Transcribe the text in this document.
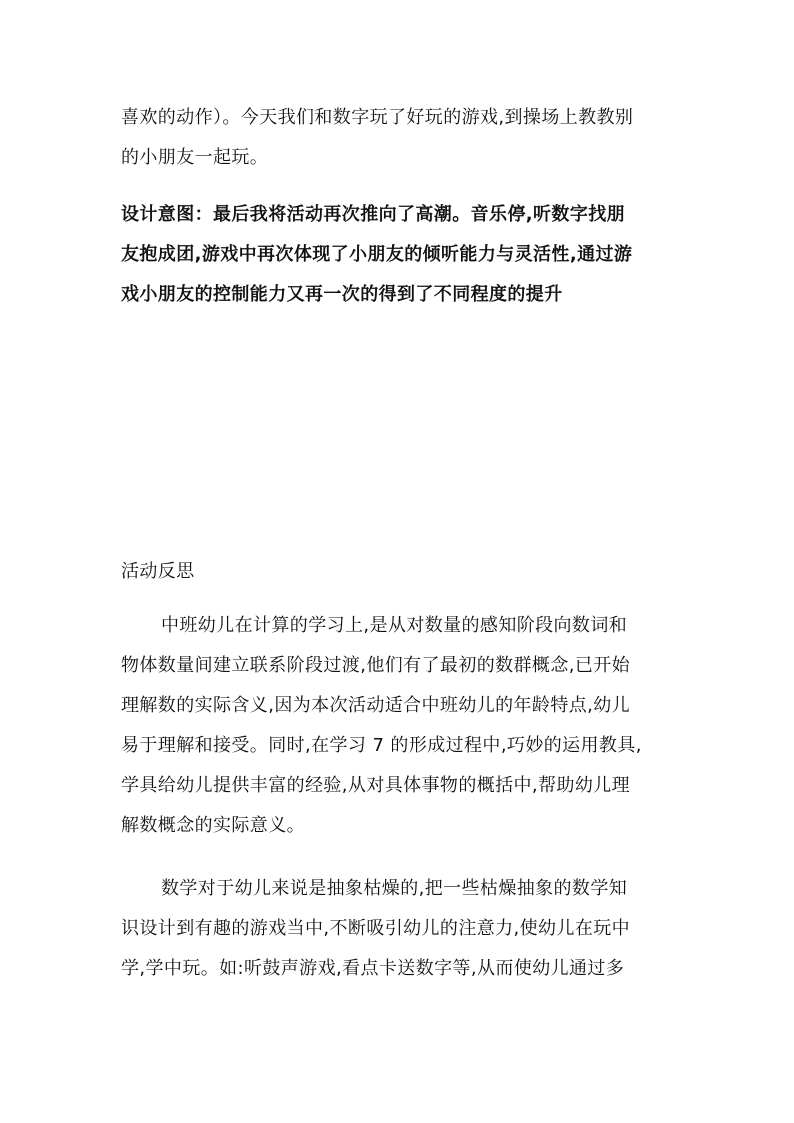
喜欢的动作）。今天我们和数字玩了好玩的游戏,到操场上教教别
的小朋友一起玩。

设计意图：最后我将活动再次推向了高潮。音乐停,听数字找朋
友抱成团,游戏中再次体现了小朋友的倾听能力与灵活性,通过游
戏小朋友的控制能力又再一次的得到了不同程度的提升

活动反思

中班幼儿在计算的学习上,是从对数量的感知阶段向数词和
物体数量间建立联系阶段过渡,他们有了最初的数群概念,已开始
理解数的实际含义,因为本次活动适合中班幼儿的年龄特点,幼儿
易于理解和接受。同时,在学习 7 的形成过程中,巧妙的运用教具,
学具给幼儿提供丰富的经验,从对具体事物的概括中,帮助幼儿理
解数概念的实际意义。

数学对于幼儿来说是抽象枯燥的,把一些枯燥抽象的数学知
识设计到有趣的游戏当中,不断吸引幼儿的注意力,使幼儿在玩中
学,学中玩。如:听鼓声游戏,看点卡送数字等,从而使幼儿通过多
